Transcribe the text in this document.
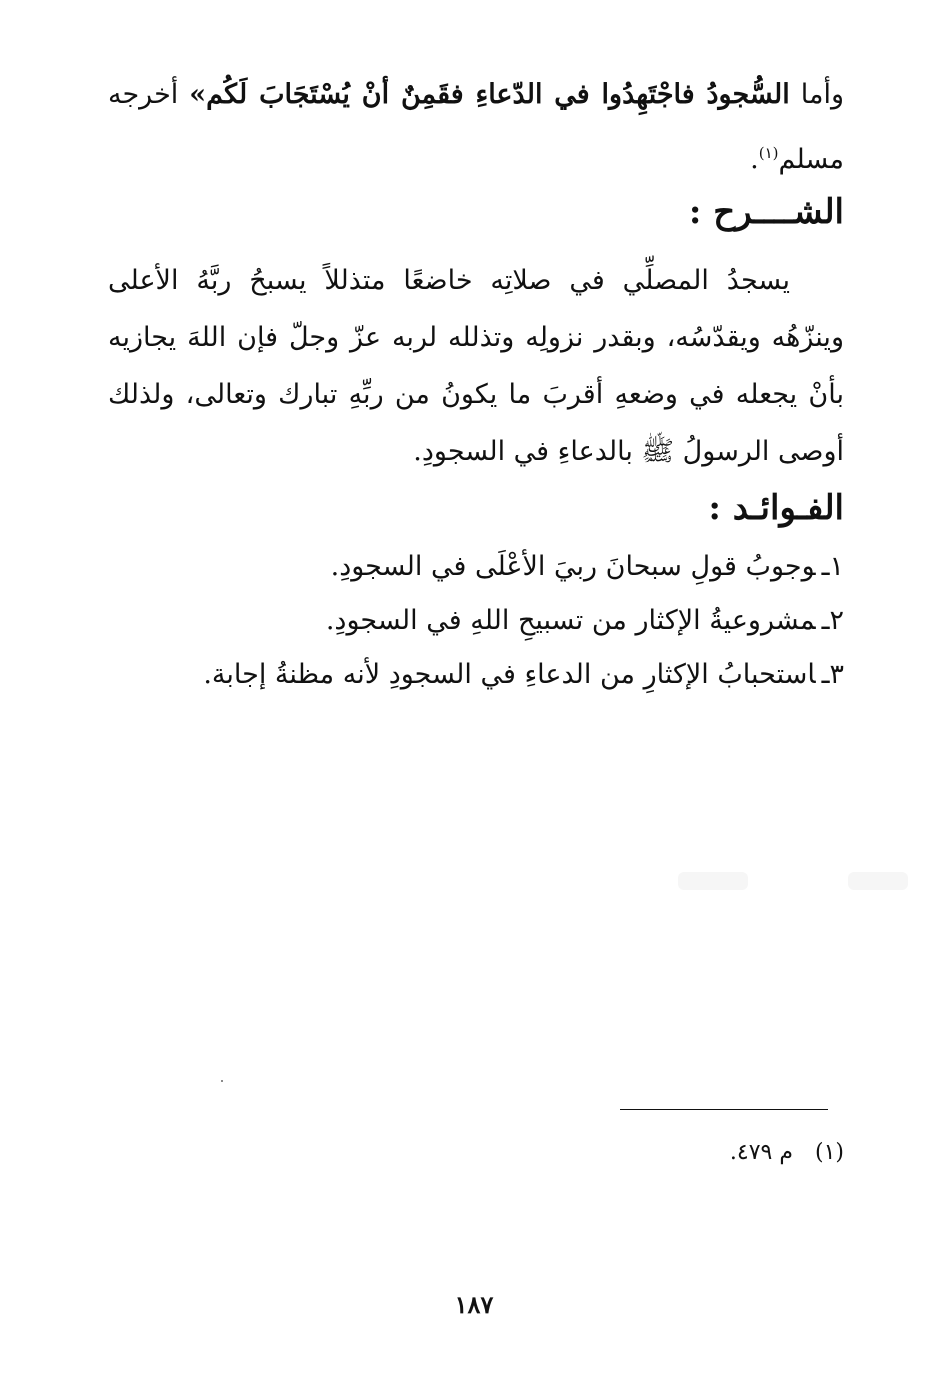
وأما السُّجودُ فاجْتَهِدُوا في الدّعاءِ فقَمِنٌ أنْ يُسْتَجَابَ لَكُم» أخرجه مسلم$^{(١)}$.

الشــــرح :

يسجدُ المصلِّي في صلاتِه خاضعًا متذللاً يسبحُ ربَّهُ الأعلى وينزّهُه ويقدّسُه، وبقدر نزولِه وتذلله لربه عزّ وجلّ فإن اللهَ يجازيه بأنْ يجعله في وضعهِ أقربَ ما يكونُ من ربِّهِ تبارك وتعالى، ولذلك أوصى الرسولُ ﷺ بالدعاءِ في السجودِ.

الفـوائـد :
١ـوجوبُ قولِ سبحانَ ربيَ الأعْلَى في السجودِ.
٢ـمشروعيةُ الإكثار من تسبيحِ اللهِ في السجودِ.
٣ـاستحبابُ الإكثارِ من الدعاءِ في السجودِ لأنه مظنةُ إجابة.
(١)م ٤٧٩.
١٨٧
